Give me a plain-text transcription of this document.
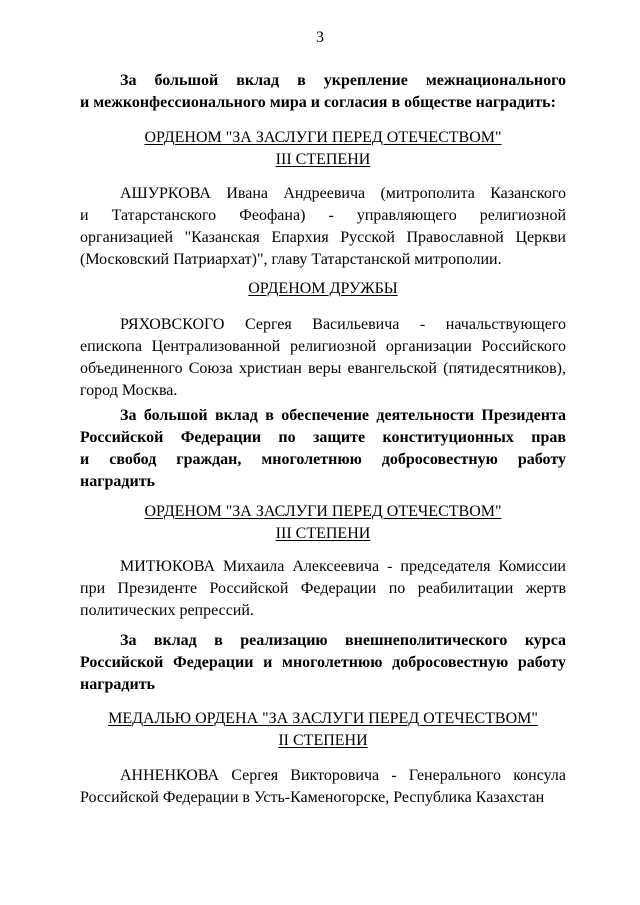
3
За большой вклад в укрепление межнационального
и межконфессионального мира и согласия в обществе наградить:
ОРДЕНОМ "ЗА ЗАСЛУГИ ПЕРЕД ОТЕЧЕСТВОМ"
III СТЕПЕНИ
АШУРКОВА Ивана Андреевича (митрополита Казанского
и Татарстанского Феофана) - управляющего религиозной
организацией "Казанская Епархия Русской Православной Церкви
(Московский Патриархат)", главу Татарстанской митрополии.
ОРДЕНОМ ДРУЖБЫ
РЯХОВСКОГО Сергея Васильевича - начальствующего
епископа Централизованной религиозной организации Российского
объединенного Союза христиан веры евангельской (пятидесятников),
город Москва.
За большой вклад в обеспечение деятельности Президента
Российской Федерации по защите конституционных прав
и свобод граждан, многолетнюю добросовестную работу
наградить
ОРДЕНОМ "ЗА ЗАСЛУГИ ПЕРЕД ОТЕЧЕСТВОМ"
III СТЕПЕНИ
МИТЮКОВА Михаила Алексеевича - председателя Комиссии
при Президенте Российской Федерации по реабилитации жертв
политических репрессий.
За вклад в реализацию внешнеполитического курса
Российской Федерации и многолетнюю добросовестную работу
наградить
МЕДАЛЬЮ ОРДЕНА "ЗА ЗАСЛУГИ ПЕРЕД ОТЕЧЕСТВОМ"
II СТЕПЕНИ
АННЕНКОВА Сергея Викторовича - Генерального консула
Российской Федерации в Усть-Каменогорске, Республика Казахстан
